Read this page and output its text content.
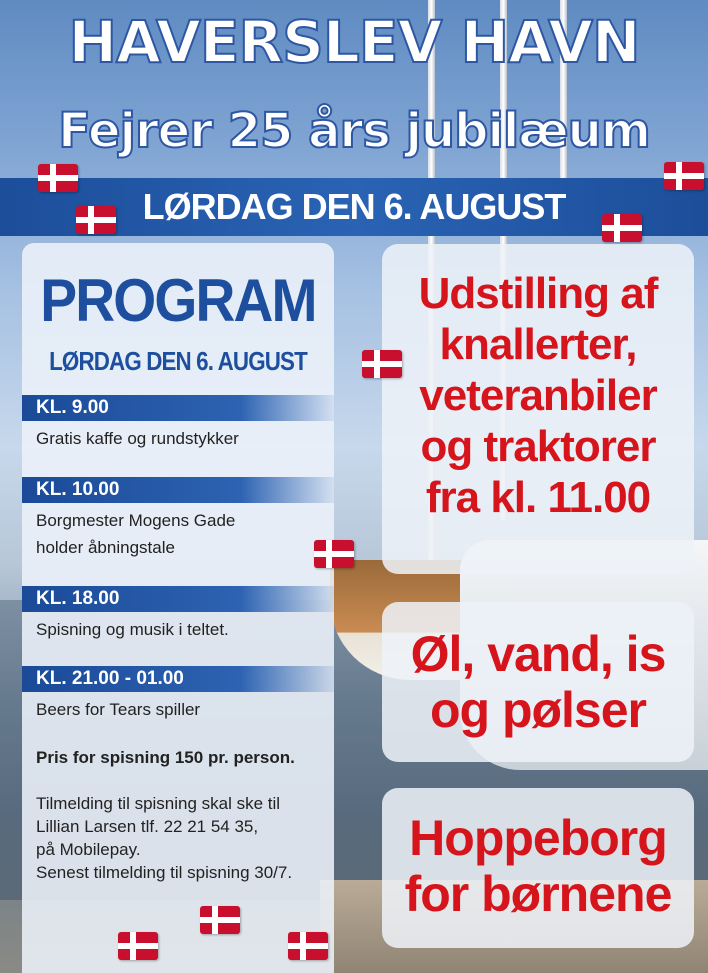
HAVERSLEV HAVN
Fejrer 25 års jubilæum
LØRDAG DEN 6. AUGUST
PROGRAM
LØRDAG DEN 6. AUGUST
KL. 9.00
Gratis kaffe og rundstykker
KL. 10.00
Borgmester Mogens Gade
holder åbningstale
KL. 18.00
Spisning og musik i teltet.
KL. 21.00 - 01.00
Beers for Tears spiller
Pris for spisning 150 pr. person.
Tilmelding til spisning skal ske til
Lillian Larsen tlf. 22 21 54 35,
på Mobilepay.
Senest tilmelding til spisning 30/7.
Udstilling af
knallerter,
veteranbiler
og traktorer
fra kl. 11.00
Øl, vand, is
og pølser
Hoppeborg
for børnene
